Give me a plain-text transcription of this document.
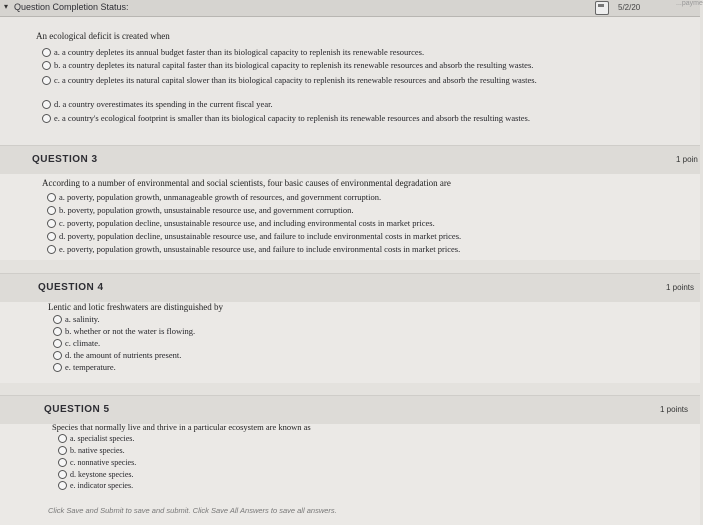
▾ Question Completion Status:	5/2/20	...payme
An ecological deficit is created when
a. a country depletes its annual budget faster than its biological capacity to replenish its renewable resources.
b. a country depletes its natural capital faster than its biological capacity to replenish its renewable resources and absorb the resulting wastes.
c. a country depletes its natural capital slower than its biological capacity to replenish its renewable resources and absorb the resulting wastes.
d. a country overestimates its spending in the current fiscal year.
e. a country's ecological footprint is smaller than its biological capacity to replenish its renewable resources and absorb the resulting wastes.
QUESTION 3	1 poin
According to a number of environmental and social scientists, four basic causes of environmental degradation are
a. poverty, population growth, unmanageable growth of resources, and government corruption.
b. poverty, population growth, unsustainable resource use, and government corruption.
c. poverty, population decline, unsustainable resource use, and including environmental costs in market prices.
d. poverty, population decline, unsustainable resource use, and failure to include environmental costs in market prices.
e. poverty, population growth, unsustainable resource use, and failure to include environmental costs in market prices.
QUESTION 4	1 points
Lentic and lotic freshwaters are distinguished by
a. salinity.
b. whether or not the water is flowing.
c. climate.
d. the amount of nutrients present.
e. temperature.
QUESTION 5	1 points
Species that normally live and thrive in a particular ecosystem are known as
a. specialist species.
b. native species.
c. nonnative species.
d. keystone species.
e. indicator species.
Click Save and Submit to save and submit. Click Save All Answers to save all answers.
